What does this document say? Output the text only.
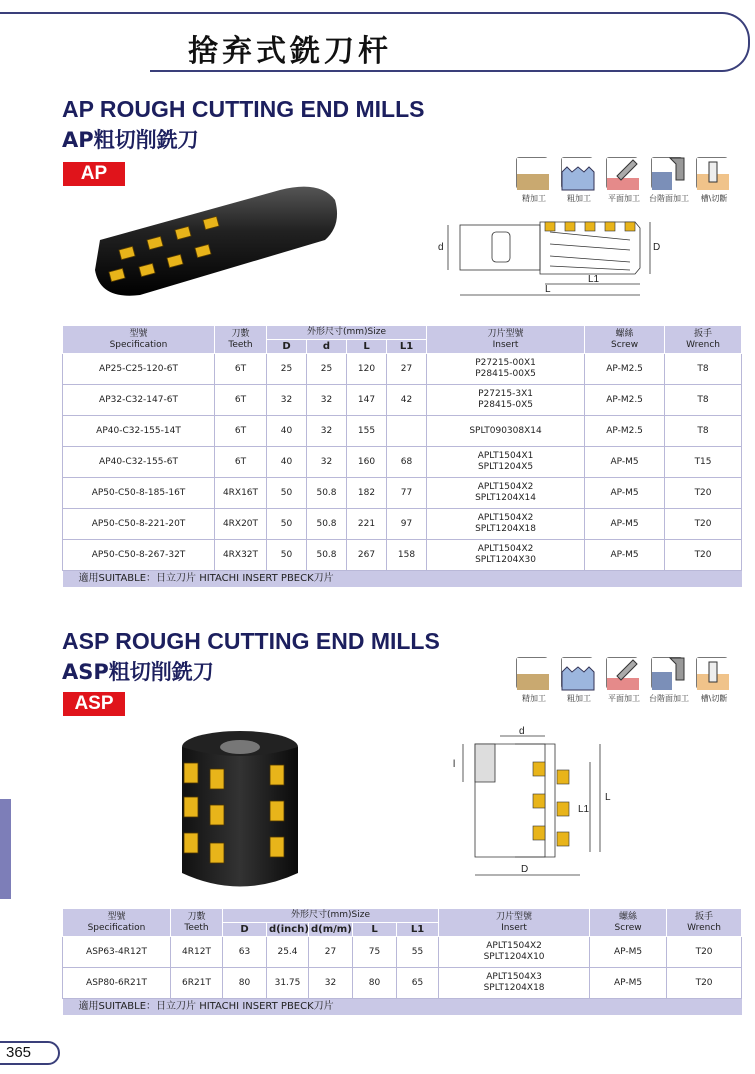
捨弃式銑刀杆
AP ROUGH CUTTING END MILLS
AP粗切削銑刀
AP
精加工	粗加工	平面加工	台階面加工	槽\切斷
d	D
L
L1
型號
Specification	刀數
Teeth	外形尺寸(mm)Size				刀片型號
Insert	螺絲
Screw	扳手
Wrench
		D	d	L	L1			
AP25-C25-120-6T	6T	25	25	120	27	P27215-00X1
P28415-00X5	AP-M2.5	T8
AP32-C32-147-6T	6T	32	32	147	42	P27215-3X1
P28415-0X5	AP-M2.5	T8
AP40-C32-155-14T	6T	40	32	155		SPLT090308X14	AP-M2.5	T8
AP40-C32-155-6T	6T	40	32	160	68	APLT1504X1
SPLT1204X5	AP-M5	T15
AP50-C50-8-185-16T	4RX16T	50	50.8	182	77	APLT1504X2
SPLT1204X14	AP-M5	T20
AP50-C50-8-221-20T	4RX20T	50	50.8	221	97	APLT1504X2
SPLT1204X18	AP-M5	T20
AP50-C50-8-267-32T	4RX32T	50	50.8	267	158	APLT1504X2
SPLT1204X30	AP-M5	T20
適用SUITABLE：日立刀片 HITACHI INSERT PBECK刀片								
ASP ROUGH CUTTING END MILLS
ASP粗切削銑刀
ASP	精加工	粗加工	平面加工	台階面加工	槽\切斷
d
l
L
L1
D
型號
Specification	刀數
Teeth	外形尺寸(mm)Size					刀片型號
Insert	螺絲
Screw	扳手
Wrench
		D	d(inch)	d(m/m)	L	L1			
ASP63-4R12T	4R12T	63	25.4	27	75	55	APLT1504X2
SPLT1204X10	AP-M5	T20
ASP80-6R21T	6R21T	80	31.75	32	80	65	APLT1504X3
SPLT1204X18	AP-M5	T20
適用SUITABLE：日立刀片 HITACHI INSERT PBECK刀片									
365
